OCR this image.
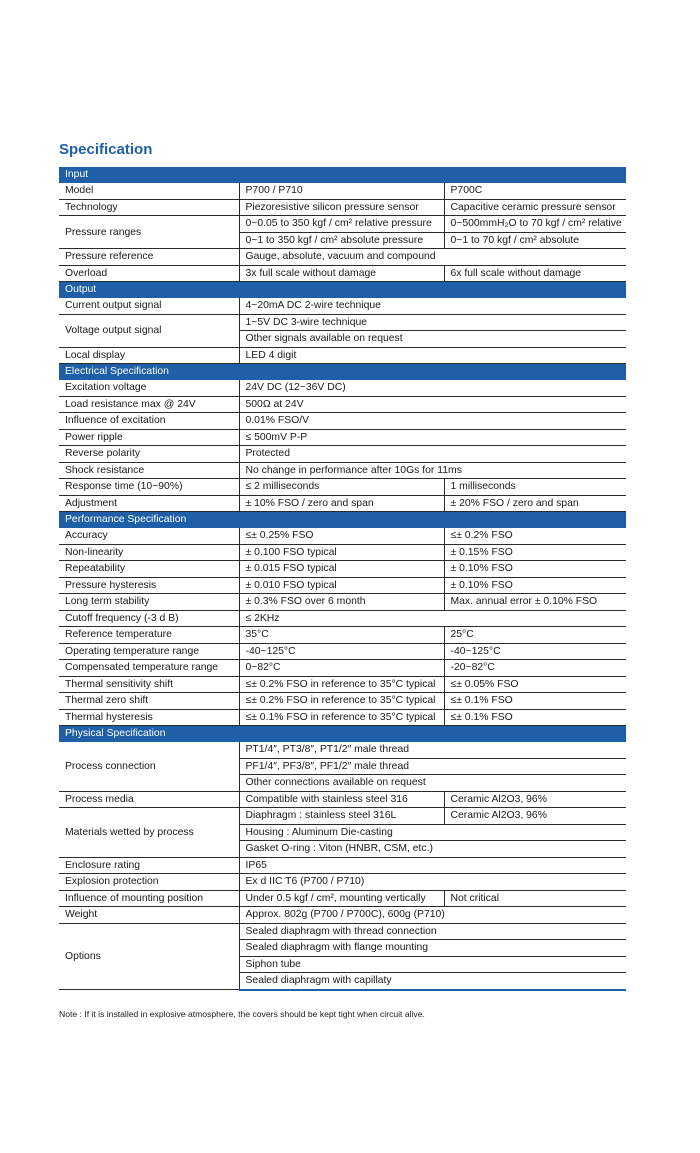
Specification
Input		
Model	P700 / P710	P700C
Technology	Piezoresistive silicon pressure sensor	Capacitive ceramic pressure sensor
Pressure ranges	0~0.05 to 350 kgf / cm² relative pressure	0~500mmH₂O to 70 kgf / cm² relative
	0~1 to 350 kgf / cm² absolute pressure	0~1 to 70 kgf / cm² absolute
Pressure reference	Gauge, absolute, vacuum and compound	
Overload	3x full scale without damage	6x full scale without damage
Output		
Current output signal	4~20mA DC 2-wire technique	
Voltage output signal	1~5V DC 3-wire technique	
	Other signals available on request	
Local display	LED 4 digit	
Electrical Specification		
Excitation voltage	24V DC (12~36V DC)	
Load resistance max @ 24V	500Ω at 24V	
Influence of excitation	0.01% FSO/V	
Power ripple	≤ 500mV P-P	
Reverse polarity	Protected	
Shock resistance	No change in performance after 10Gs for 11ms	
Response time (10~90%)	≤ 2 milliseconds	1 milliseconds
Adjustment	± 10% FSO / zero and span	± 20% FSO / zero and span
Performance Specification		
Accuracy	≤± 0.25% FSO	≤± 0.2% FSO
Non-linearity	± 0.100 FSO typical	± 0.15% FSO
Repeatability	± 0.015 FSO typical	± 0.10% FSO
Pressure hysteresis	± 0.010 FSO typical	± 0.10% FSO
Long term stability	± 0.3% FSO over 6 month	Max. annual error ± 0.10% FSO
Cutoff frequency (-3 d B)	≤ 2KHz	
Reference temperature	35°C	25°C
Operating temperature range	-40~125°C	-40~125°C
Compensated temperature range	0~82°C	-20~82°C
Thermal sensitivity shift	≤± 0.2% FSO in reference to 35°C typical	≤± 0.05% FSO
Thermal zero shift	≤± 0.2% FSO in reference to 35°C typical	≤± 0.1% FSO
Thermal hysteresis	≤± 0.1% FSO in reference to 35°C typical	≤± 0.1% FSO
Physical Specification		
Process connection	PT1/4″, PT3/8″, PT1/2″ male thread	
	PF1/4″, PF3/8″, PF1/2″ male thread	
	Other connections available on request	
Process media	Compatible with stainless steel 316	Ceramic Al2O3, 96%
Materials wetted by process	Diaphragm : stainless steel 316L	Ceramic Al2O3, 96%
	Housing : Aluminum Die-casting	
	Gasket O-ring : Viton (HNBR, CSM, etc.)	
Enclosure rating	IP65	
Explosion protection	Ex d IIC T6 (P700 / P710)	
Influence of mounting position	Under 0.5 kgf / cm², mounting vertically	Not critical
Weight	Approx. 802g (P700 / P700C), 600g (P710)	
Options	Sealed diaphragm with thread connection	
	Sealed diaphragm with flange mounting	
	Siphon tube	
	Sealed diaphragm with capillaty	

Note : If it is installed in explosive atmosphere, the covers should be kept tight when circuit alive.
